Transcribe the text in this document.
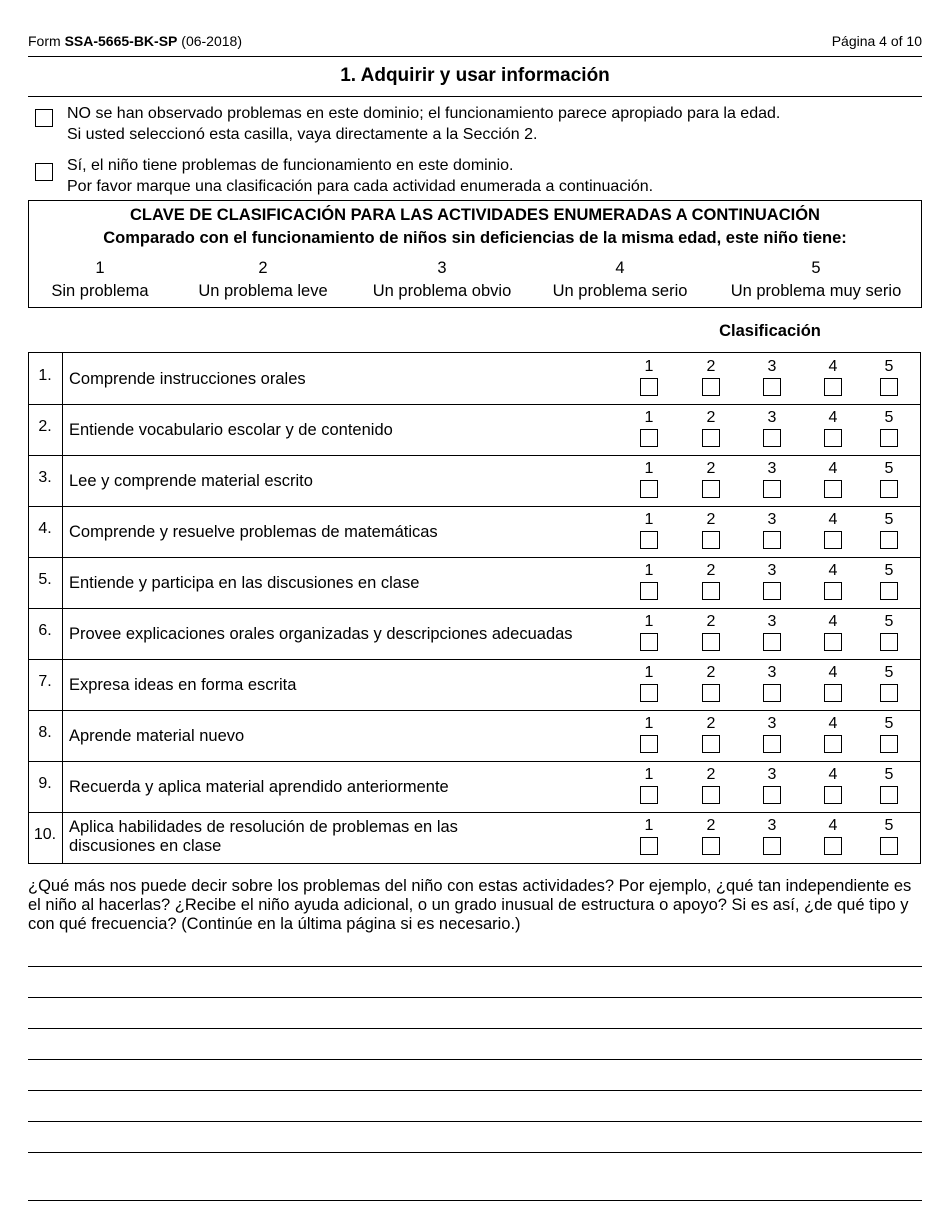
Form SSA-5665-BK-SP (06-2018)	Página 4 of 10
1. Adquirir y usar información
NO se han observado problemas en este dominio; el funcionamiento parece apropiado para la edad.
Si usted seleccionó esta casilla, vaya directamente a la Sección 2.
Sí, el niño tiene problemas de funcionamiento en este dominio.
Por favor marque una clasificación para cada actividad enumerada a continuación.
CLAVE DE CLASIFICACIÓN PARA LAS ACTIVIDADES ENUMERADAS A CONTINUACIÓN
Comparado con el funcionamiento de niños sin deficiencias de la misma edad, este niño tiene:
1
Sin problema
2
Un problema leve
3
Un problema obvio
4
Un problema serio
5
Un problema muy serio
Clasificación
1.	Comprende instrucciones orales
1	2	3	4	5
2.	Entiende vocabulario escolar y de contenido
1	2	3	4	5
3.	Lee y comprende material escrito
1	2	3	4	5
4.	Comprende y resuelve problemas de matemáticas
1	2	3	4	5
5.	Entiende y participa en las discusiones en clase
1	2	3	4	5
6.	Provee explicaciones orales organizadas y descripciones adecuadas
1	2	3	4	5
7.	Expresa ideas en forma escrita
1	2	3	4	5
8.	Aprende material nuevo
1	2	3	4	5
9.	Recuerda y aplica material aprendido anteriormente
1	2	3	4	5
10. Aplica habilidades de resolución de problemas en las
discusiones en clase
1	2	3	4	5
¿Qué más nos puede decir sobre los problemas del niño con estas actividades? Por ejemplo, ¿qué tan independiente es el niño al hacerlas? ¿Recibe el niño ayuda adicional, o un grado inusual de estructura o apoyo? Si es así, ¿de qué tipo y con qué frecuencia? (Continúe en la última página si es necesario.)
